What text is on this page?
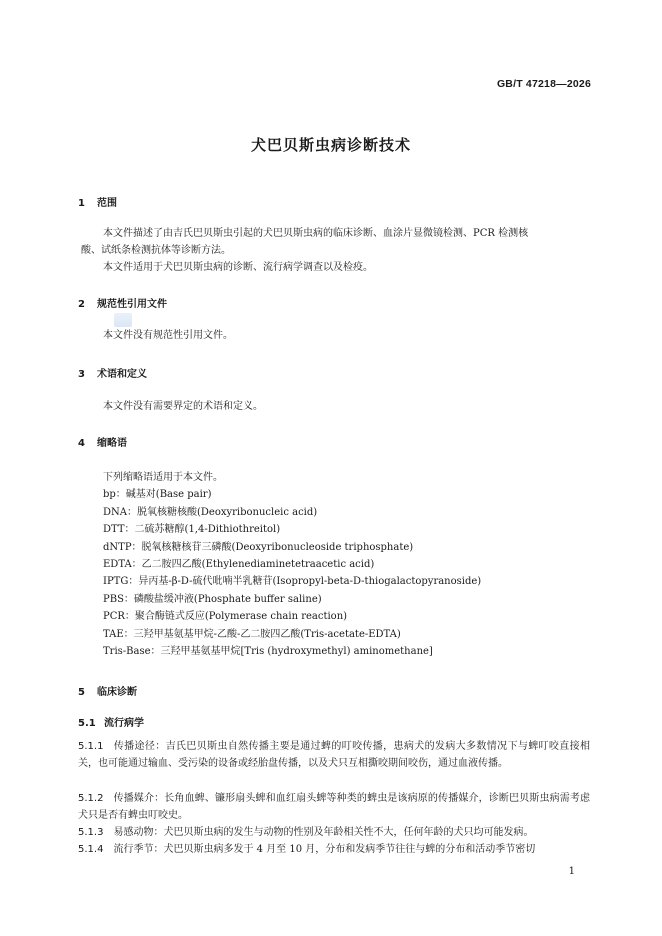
GB/T 47218—2026
犬巴贝斯虫病诊断技术
1 范围
本文件描述了由吉氏巴贝斯虫引起的犬巴贝斯虫病的临床诊断、血涂片显微镜检测、PCR 检测核
酸、试纸条检测抗体等诊断方法。
本文件适用于犬巴贝斯虫病的诊断、流行病学调查以及检疫。
2 规范性引用文件
本文件没有规范性引用文件。
3 术语和定义
本文件没有需要界定的术语和定义。
4 缩略语
下列缩略语适用于本文件。
bp：碱基对(Base pair)
DNA：脱氧核糖核酸(Deoxyribonucleic acid)
DTT：二硫苏糖醇(1,4-Dithiothreitol)
dNTP：脱氧核糖核苷三磷酸(Deoxyribonucleoside triphosphate)
EDTA：乙二胺四乙酸(Ethylenediaminetetraacetic acid)
IPTG：异丙基-β-D-硫代吡喃半乳糖苷(Isopropyl-beta-D-thiogalactopyranoside)
PBS：磷酸盐缓冲液(Phosphate buffer saline)
PCR：聚合酶链式反应(Polymerase chain reaction)
TAE：三羟甲基氨基甲烷-乙酸-乙二胺四乙酸(Tris-acetate-EDTA)
Tris-Base：三羟甲基氨基甲烷[Tris (hydroxymethyl) aminomethane]
5 临床诊断
5.1 流行病学
5.1.1 传播途径：吉氏巴贝斯虫自然传播主要是通过蜱的叮咬传播，患病犬的发病大多数情况下与蜱叮咬直接相关，也可能通过输血、受污染的设备或经胎盘传播，以及犬只互相撕咬期间咬伤，通过血液传播。
5.1.2 传播媒介：长角血蜱、镰形扇头蜱和血红扇头蜱等种类的蜱虫是该病原的传播媒介，诊断巴贝斯虫病需考虑犬只是否有蜱虫叮咬史。
5.1.3 易感动物：犬巴贝斯虫病的发生与动物的性别及年龄相关性不大，任何年龄的犬只均可能发病。
5.1.4 流行季节：犬巴贝斯虫病多发于 4 月至 10 月，分布和发病季节往往与蜱的分布和活动季节密切
1
